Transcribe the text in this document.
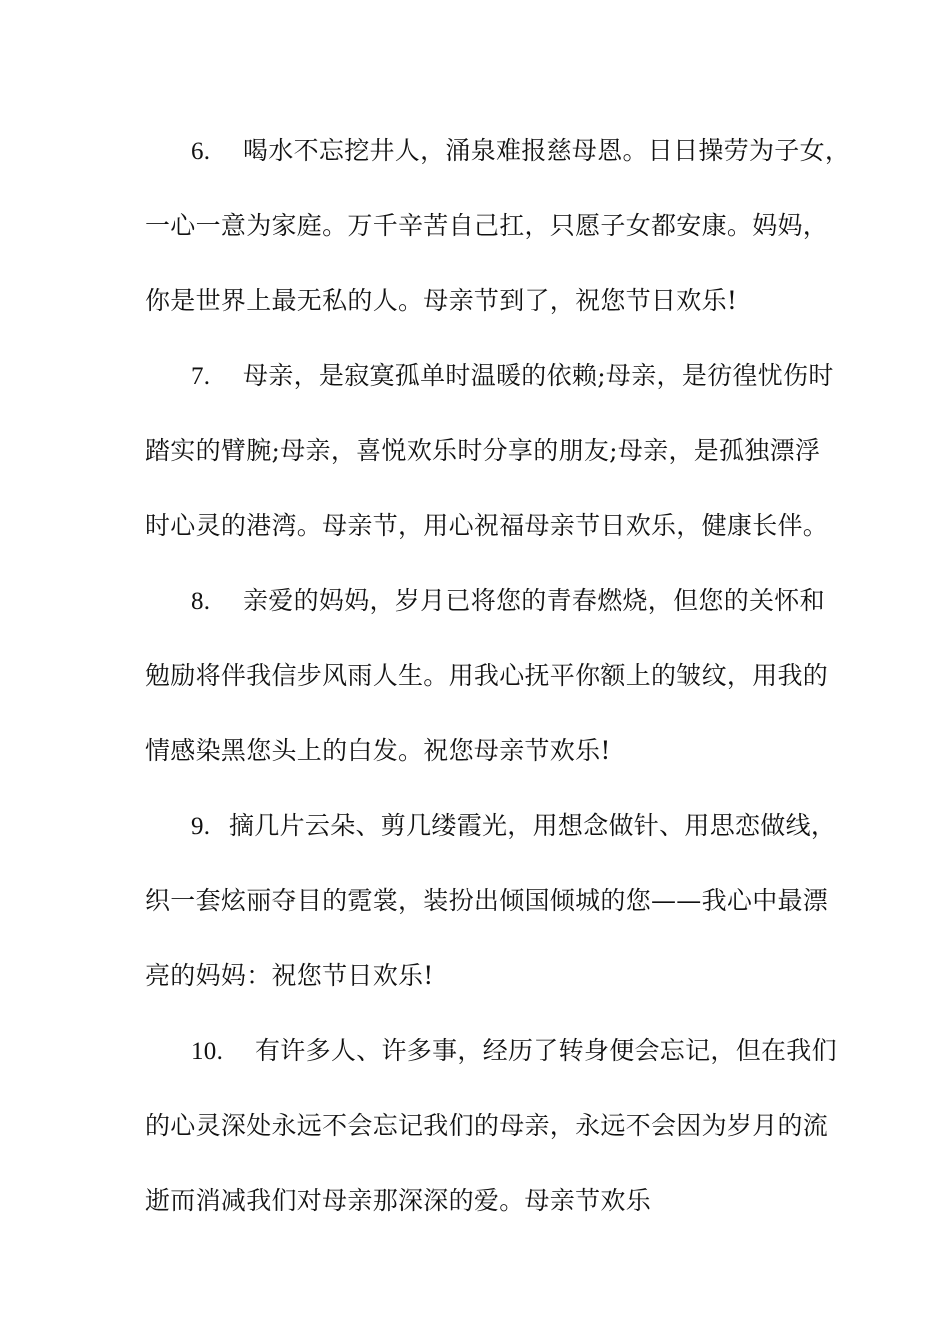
6. 喝水不忘挖井人，涌泉难报慈母恩。日日操劳为子女，
一心一意为家庭。万千辛苦自己扛，只愿子女都安康。妈妈，
你是世界上最无私的人。母亲节到了，祝您节日欢乐!
7. 母亲，是寂寞孤单时温暖的依赖;母亲，是彷徨忧伤时
踏实的臂腕;母亲，喜悦欢乐时分享的朋友;母亲，是孤独漂浮
时心灵的港湾。母亲节，用心祝福母亲节日欢乐，健康长伴。
8. 亲爱的妈妈，岁月已将您的青春燃烧，但您的关怀和
勉励将伴我信步风雨人生。用我心抚平你额上的皱纹，用我的
情感染黑您头上的白发。祝您母亲节欢乐!
9. 摘几片云朵、剪几缕霞光，用想念做针、用思恋做线，
织一套炫丽夺目的霓裳，装扮出倾国倾城的您——我心中最漂
亮的妈妈：祝您节日欢乐!
10. 有许多人、许多事，经历了转身便会忘记，但在我们
的心灵深处永远不会忘记我们的母亲，永远不会因为岁月的流
逝而消减我们对母亲那深深的爱。母亲节欢乐
